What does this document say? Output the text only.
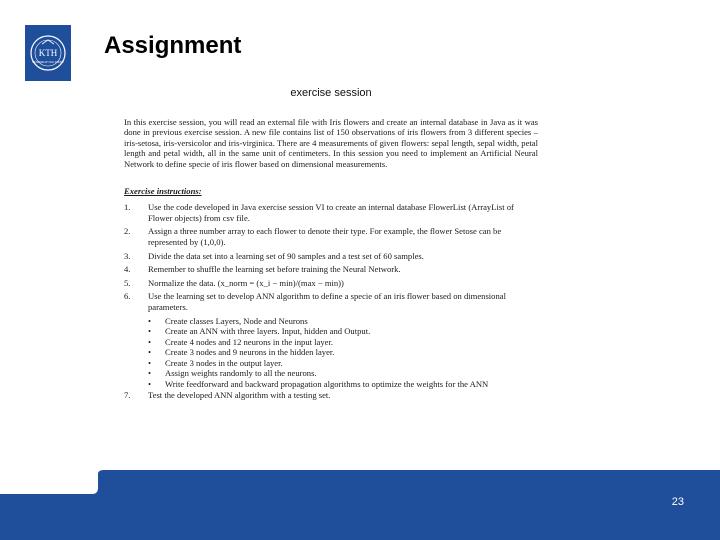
KTH
VETENSKAP OCH KONST
Assignment

exercise session

In this exercise session, you will read an external file with Iris flowers and create an internal database in Java as it was done in previous exercise session. A new file contains list of 150 observations of iris flowers from 3 different species – iris-setosa, iris-versicolor and iris-virginica. There are 4 measurements of given flowers: sepal length, sepal width, petal length and petal width, all in the same unit of centimeters. In this session you need to implement an Artificial Neural Network to define specie of iris flower based on dimensional measurements.

Exercise instructions:

1.	Use the code developed in Java exercise session VI to create an internal database FlowerList (ArrayList of Flower objects) from csv file.
2.	Assign a three number array to each flower to denote their type. For example, the flower Setose can be represented by (1,0,0).
3.	Divide the data set into a learning set of 90 samples and a test set of 60 samples.
4.	Remember to shuffle the learning set before training the Neural Network.
5.	Normalize the data. (x_norm = (x_i − min)/(max − min))
6.	Use the learning set to develop ANN algorithm to define a specie of an iris flower based on dimensional parameters.
• Create classes Layers, Node and Neurons
• Create an ANN with three layers. Input, hidden and Output.
• Create 4 nodes and 12 neurons in the input layer.
• Create 3 nodes and 9 neurons in the hidden layer.
• Create 3 nodes in the output layer.
• Assign weights randomly to all the neurons.
• Write feedforward and backward propagation algorithms to optimize the weights for the ANN
7.	Test the developed ANN algorithm with a testing set.
23
